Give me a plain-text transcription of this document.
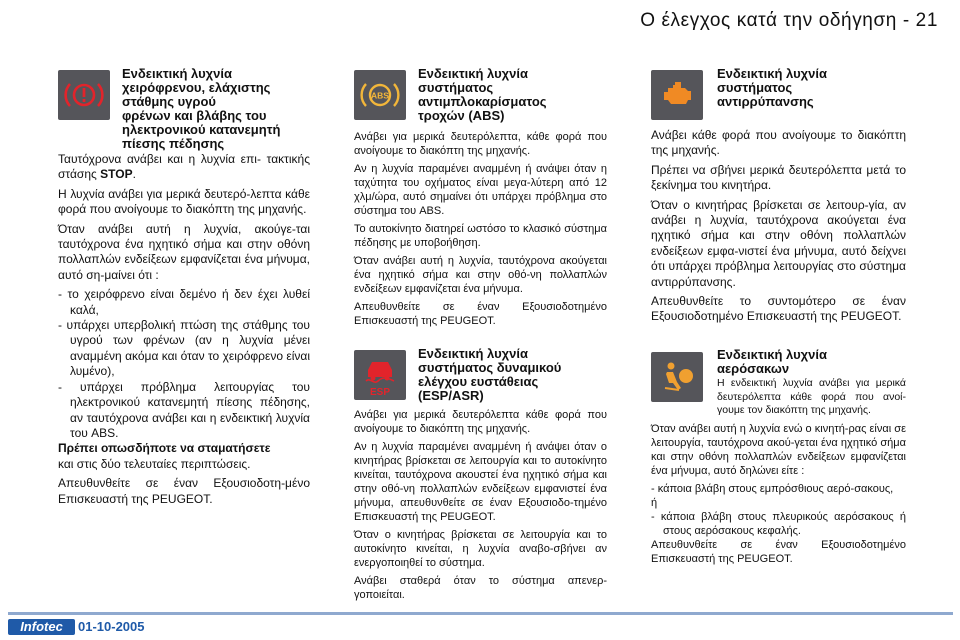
Ο έλεγχος κατά την οδήγηση - 21
Ενδεικτική λυχνία
χειρόφρενου, ελάχιστης
στάθμης υγρού
φρένων και βλάβης του
ηλεκτρονικού κατανεμητή
πίεσης πέδησης

Ταυτόχρονα ανάβει και η λυχνία επι- τακτικής στάσης STOP.

Η λυχνία ανάβει για μερικά δευτερό-λεπτα κάθε φορά που ανοίγουμε το διακόπτη της μηχανής.

Όταν ανάβει αυτή η λυχνία, ακούγε-ται ταυτόχρονα ένα ηχητικό σήμα και στην οθόνη πολλαπλών ενδείξεων εμφανίζεται ένα μήνυμα, αυτό ση-μαίνει ότι :

- το χειρόφρενο είναι δεμένο ή δεν έχει λυθεί καλά,

- υπάρχει υπερβολική πτώση της στάθμης του υγρού των φρένων (αν η λυχνία μένει αναμμένη ακόμα και όταν το χειρόφρενο είναι λυμένο),

- υπάρχει πρόβλημα λειτουργίας του ηλεκτρονικού κατανεμητή πίεσης πέδησης, αν ταυτόχρονα ανάβει και η ενδεικτική λυχνία του ABS.

Πρέπει οπωσδήποτε να σταματήσετε

και στις δύο τελευταίες περιπτώσεις.

Απευθυνθείτε σε έναν Εξουσιοδοτη-μένο Επισκευαστή της PEUGEOT.

ABS
Ενδεικτική λυχνία
συστήματος
αντιμπλοκαρίσματος
τροχών (ABS)

Ανάβει για μερικά δευτερόλεπτα, κάθε φορά που ανοίγουμε το διακόπτη της μηχανής.

Αν η λυχνία παραμένει αναμμένη ή ανάψει όταν η ταχύτητα του οχήματος είναι μεγα-λύτερη από 12 χλμ/ώρα, αυτό σημαίνει ότι υπάρχει πρόβλημα στο σύστημα του ABS.

Το αυτοκίνητο διατηρεί ωστόσο το κλασικό σύστημα πέδησης με υποβοήθηση.

Όταν ανάβει αυτή η λυχνία, ταυτόχρονα ακούγεται ένα ηχητικό σήμα και στην οθό-νη πολλαπλών ενδείξεων εμφανίζεται ένα μήνυμα.

Απευθυνθείτε σε έναν Εξουσιοδοτημένο Επισκευαστή της PEUGEOT.

ESP
Ενδεικτική λυχνία
συστήματος δυναμικού
ελέγχου ευστάθειας
(ESP/ASR)

Ανάβει για μερικά δευτερόλεπτα κάθε φορά που ανοίγουμε το διακόπτη της μηχανής.

Αν η λυχνία παραμένει αναμμένη ή ανάψει όταν ο κινητήρας βρίσκεται σε λειτουργία και το αυτοκίνητο κινείται, ταυτόχρονα ακουστεί ένα ηχητικό σήμα και στην οθό-νη πολλαπλών ενδείξεων εμφανιστεί ένα μήνυμα, απευθυνθείτε σε έναν Εξουσιοδο-τημένο Επισκευαστή της PEUGEOT.

Όταν ο κινητήρας βρίσκεται σε λειτουργία και το αυτοκίνητο κινείται, η λυχνία αναβο-σβήνει αν ενεργοποιηθεί το σύστημα.

Ανάβει σταθερά όταν το σύστημα απενερ-γοποιείται.

Ενδεικτική λυχνία
συστήματος
αντιρρύπανσης

Ανάβει κάθε φορά που ανοίγουμε το διακόπτη της μηχανής.

Πρέπει να σβήνει μερικά δευτερόλεπτα μετά το ξεκίνημα του κινητήρα.

Όταν ο κινητήρας βρίσκεται σε λειτουρ-γία, αν ανάβει η λυχνία, ταυτόχρονα ακούγεται ένα ηχητικό σήμα και στην οθόνη πολλαπλών ενδείξεων εμφα-νιστεί ένα μήνυμα, αυτό δείχνει ότι υπάρχει πρόβλημα λειτουργίας στο σύστημα αντιρρύπανσης.

Απευθυνθείτε το συντομότερο σε έναν Εξουσιοδοτημένο Επισκευαστή της PEUGEOT.

Ενδεικτική λυχνία
αερόσακων

Η ενδεικτική λυχνία ανάβει για μερικά δευτερόλεπτα κάθε φορά που ανοί-γουμε τον διακόπτη της μηχανής.

Όταν ανάβει αυτή η λυχνία ενώ ο κινητή-ρας είναι σε λειτουργία, ταυτόχρονα ακού-γεται ένα ηχητικό σήμα και στην οθόνη πολλαπλών ενδείξεων εμφανίζεται ένα μήνυμα, αυτό δηλώνει είτε :

- κάποια βλάβη στους εμπρόσθιους αερό-σακους,

ή

- κάποια βλάβη στους πλευρικούς αερόσακους ή στους αερόσακους κεφαλής.

Απευθυνθείτε σε έναν Εξουσιοδοτημένο Επισκευαστή της PEUGEOT.

Infotec	01-10-2005
